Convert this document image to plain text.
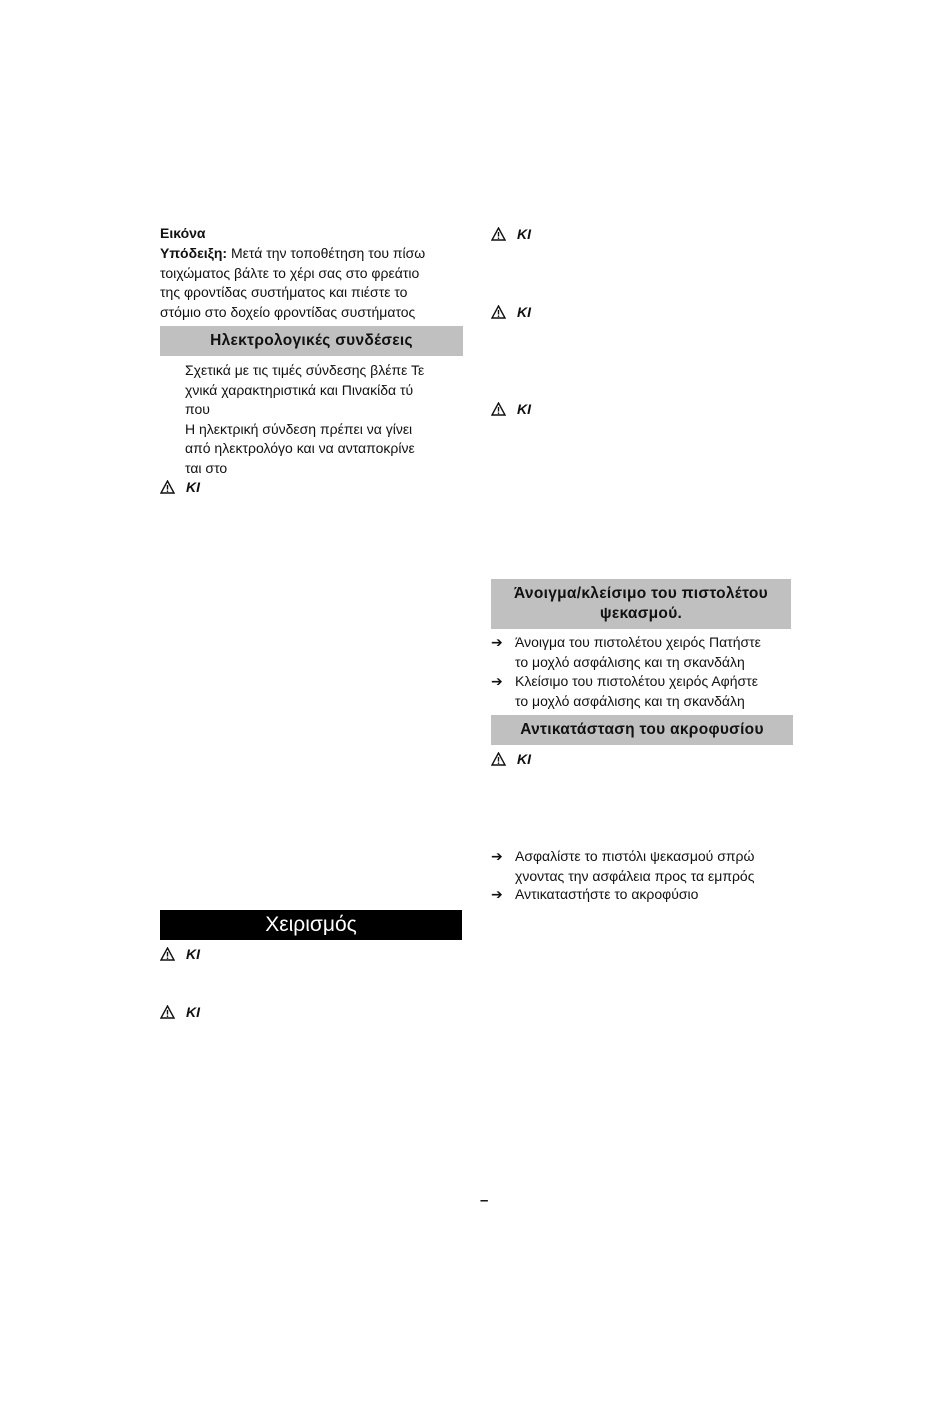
Εικόνα
Υπόδειξη: Μετά την τοποθέτηση του πίσω
τοιχώματος βάλτε το χέρι σας στο φρεάτιο
της φροντίδας συστήματος και πιέστε το
στόμιο στο δοχείο φροντίδας συστήματος
Ηλεκτρολογικές συνδέσεις
Σχετικά με τις τιμές σύνδεσης βλέπε Τε
χνικά χαρακτηριστικά και Πινακίδα τύ
που
Η ηλεκτρική σύνδεση πρέπει να γίνει
από ηλεκτρολόγο και να ανταποκρίνε
ται στο
ΚΙ
Χειρισμός
ΚΙ
ΚΙ
ΚΙ
ΚΙ
ΚΙ
Άνοιγμα/κλείσιμο του πιστολέτου
ψεκασμού.
➔ Άνοιγμα του πιστολέτου χειρός Πατήστε
το μοχλό ασφάλισης και τη σκανδάλη
➔ Κλείσιμο του πιστολέτου χειρός Αφήστε
το μοχλό ασφάλισης και τη σκανδάλη
Αντικατάσταση του ακροφυσίου
ΚΙ
➔ Ασφαλίστε το πιστόλι ψεκασμού σπρώ
χνοντας την ασφάλεια προς τα εμπρός
➔ Αντικαταστήστε το ακροφύσιο
–
